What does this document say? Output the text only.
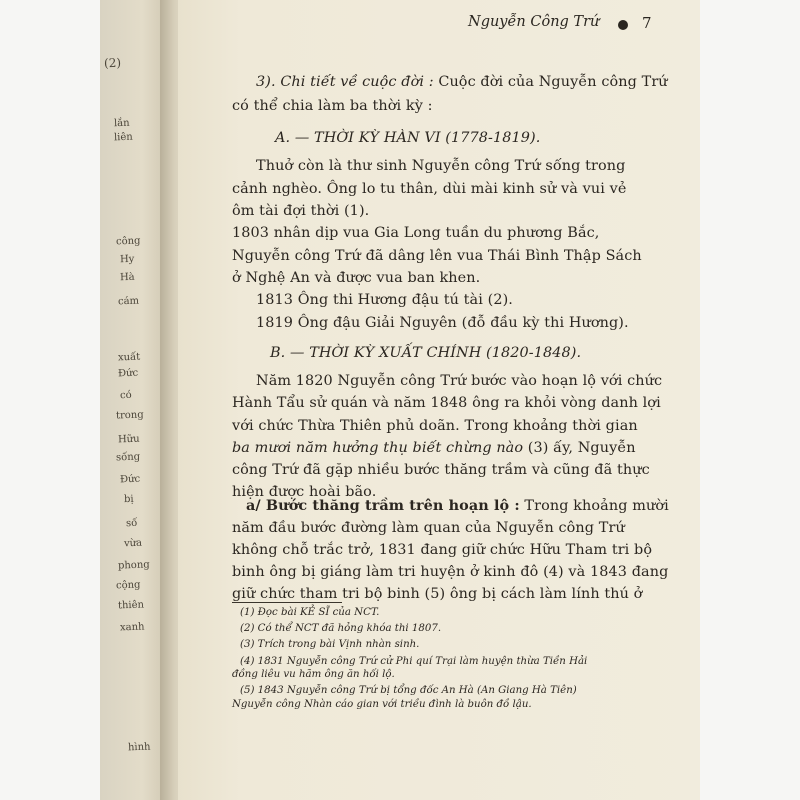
(2)
lắn
liên
công
Hy
Hà
cám
xuất
Đức
có
trong
Hữu
sống
Đức
bị
số
vừa
phong
cộng
thiên
xanh
hình
Nguyễn Công Trứ	7
3). Chi tiết về cuộc đời : Cuộc đời của Nguyễn công Trứ
có thể chia làm ba thời kỳ :
A. — THỜI KỲ HÀN VI (1778-1819).
Thuở còn là thư sinh Nguyễn công Trứ sống trong
cảnh nghèo. Ông lo tu thân, dùi mài kinh sử và vui vẻ
ôm tài đợi thời (1).
1803 nhân dịp vua Gia Long tuần du phương Bắc,
Nguyễn công Trứ đã dâng lên vua Thái Bình Thập Sách
ở Nghệ An và được vua ban khen.
1813 Ông thi Hương đậu tú tài (2).
1819 Ông đậu Giải Nguyên (đỗ đầu kỳ thi Hương).
B. — THỜI KỲ XUẤT CHÍNH (1820-1848).
Năm 1820 Nguyễn công Trứ bước vào hoạn lộ với chức
Hành Tẩu sử quán và năm 1848 ông ra khỏi vòng danh lợi
với chức Thừa Thiên phủ doãn. Trong khoảng thời gian
ba mươi năm hưởng thụ biết chừng nào (3) ấy, Nguyễn
công Trứ đã gặp nhiều bước thăng trầm và cũng đã thực
hiện được hoài bão.
a/ Bước thăng trầm trên hoạn lộ : Trong khoảng mười
năm đầu bước đường làm quan của Nguyễn công Trứ
không chỗ trắc trở, 1831 đang giữ chức Hữu Tham tri bộ
binh ông bị giáng làm tri huyện ở kinh đô (4) và 1843 đang
giữ chức tham tri bộ binh (5) ông bị cách làm lính thú ở
(1) Đọc bài KẺ SĨ của NCT.
(2) Có thể NCT đã hỏng khóa thi 1807.
(3) Trích trong bài Vịnh nhàn sinh.
(4) 1831 Nguyễn công Trứ cử Phi quí Trại làm huyện thừa Tiền Hải
đồng liêu vu hãm ông ăn hối lộ.
(5) 1843 Nguyễn công Trứ bị tổng đốc An Hà (An Giang Hà Tiên)
Nguyễn công Nhàn cáo gian với triều đình là buôn đồ lậu.
